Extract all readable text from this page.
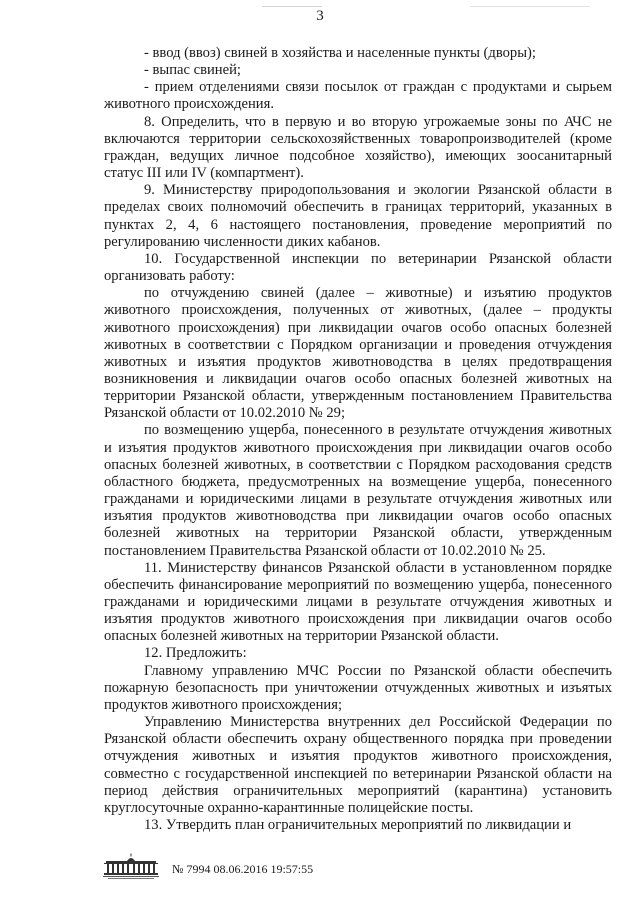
3

- ввод (ввоз) свиней в хозяйства и населенные пункты (дворы);

- выпас свиней;

- прием отделениями связи посылок от граждан с продуктами и сырьем животного происхождения.

8. Определить, что в первую и во вторую угрожаемые зоны по АЧС не включаются территории сельскохозяйственных товаропроизводителей (кроме граждан, ведущих личное подсобное хозяйство), имеющих зоосанитарный статус III или IV (компартмент).

9. Министерству природопользования и экологии Рязанской области в пределах своих полномочий обеспечить в границах территорий, указанных в пунктах 2, 4, 6 настоящего постановления, проведение мероприятий по регулированию численности диких кабанов.

10. Государственной инспекции по ветеринарии Рязанской области организовать работу:

по отчуждению свиней (далее – животные) и изъятию продуктов животного происхождения, полученных от животных, (далее – продукты животного происхождения) при ликвидации очагов особо опасных болезней животных в соответствии с Порядком организации и проведения отчуждения животных и изъятия продуктов животноводства в целях предотвращения возникновения и ликвидации очагов особо опасных болезней животных на территории Рязанской области, утвержденным постановлением Правительства Рязанской области от 10.02.2010 № 29;

по возмещению ущерба, понесенного в результате отчуждения животных и изъятия продуктов животного происхождения при ликвидации очагов особо опасных болезней животных, в соответствии с Порядком расходования средств областного бюджета, предусмотренных на возмещение ущерба, понесенного гражданами и юридическими лицами в результате отчуждения животных или изъятия продуктов животноводства при ликвидации очагов особо опасных болезней животных на территории Рязанской области, утвержденным постановлением Правительства Рязанской области от 10.02.2010 № 25.

11. Министерству финансов Рязанской области в установленном порядке обеспечить финансирование мероприятий по возмещению ущерба, понесенного гражданами и юридическими лицами в результате отчуждения животных и изъятия продуктов животного происхождения при ликвидации очагов особо опасных болезней животных на территории Рязанской области.

12. Предложить:

Главному управлению МЧС России по Рязанской области обеспечить пожарную безопасность при уничтожении отчужденных животных и изъятых продуктов животного происхождения;

Управлению Министерства внутренних дел Российской Федерации по Рязанской области обеспечить охрану общественного порядка при проведении отчуждения животных и изъятия продуктов животного происхождения, совместно с государственной инспекцией по ветеринарии Рязанской области на период действия ограничительных мероприятий (карантина) установить круглосуточные охранно-карантинные полицейские посты.

13. Утвердить план ограничительных мероприятий по ликвидации и

№ 7994 08.06.2016 19:57:55
